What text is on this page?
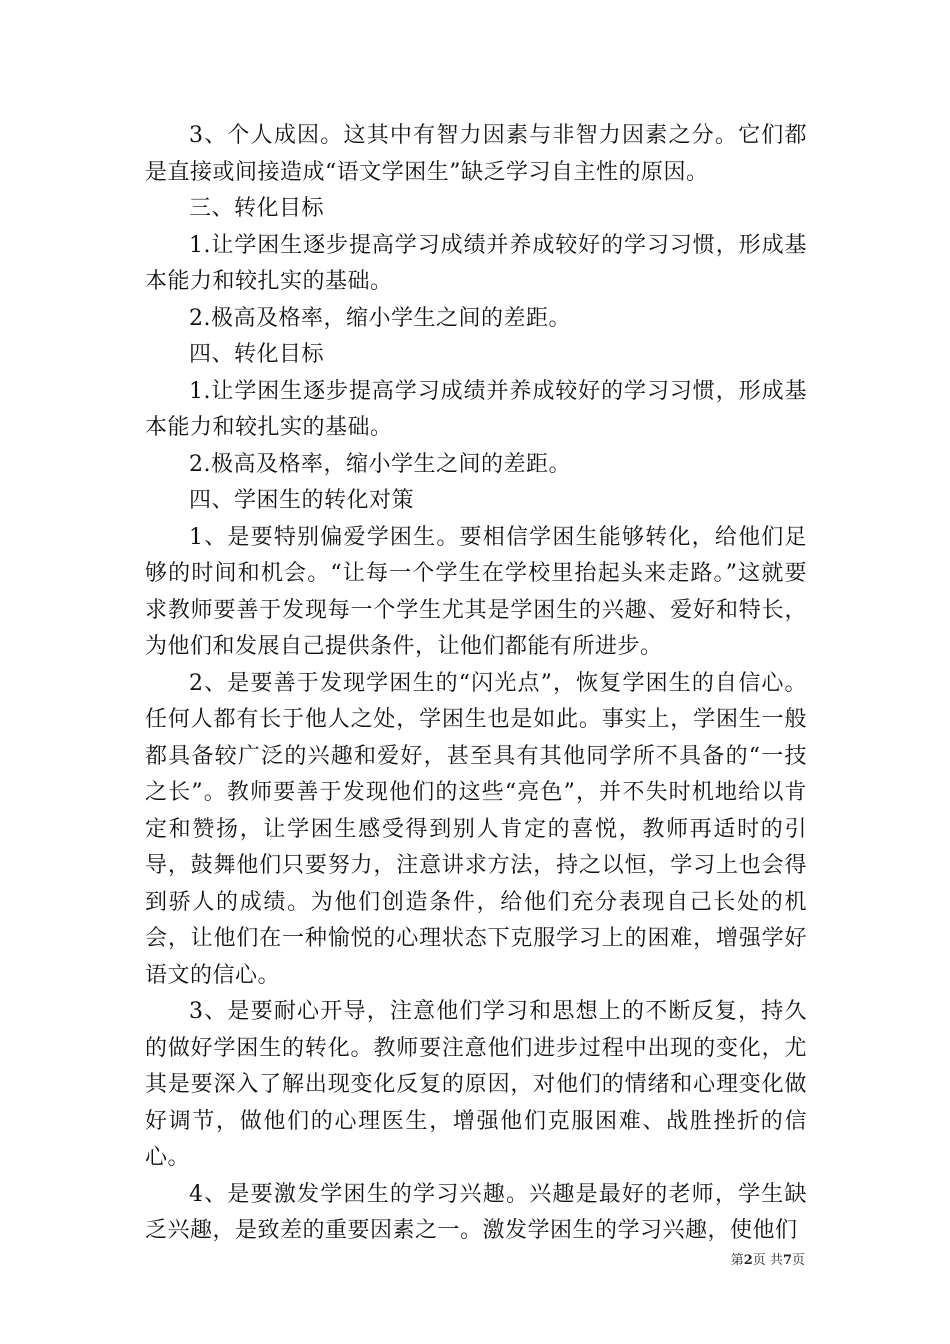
3、个人成因。这其中有智力因素与非智力因素之分。它们都是直接或间接造成“语文学困生”缺乏学习自主性的原因。

三、转化目标

1.让学困生逐步提高学习成绩并养成较好的学习习惯，形成基本能力和较扎实的基础。

2.极高及格率，缩小学生之间的差距。

四、转化目标

1.让学困生逐步提高学习成绩并养成较好的学习习惯，形成基本能力和较扎实的基础。

2.极高及格率，缩小学生之间的差距。

四、学困生的转化对策

1、是要特别偏爱学困生。要相信学困生能够转化，给他们足够的时间和机会。“让每一个学生在学校里抬起头来走路。”这就要求教师要善于发现每一个学生尤其是学困生的兴趣、爱好和特长，为他们和发展自己提供条件，让他们都能有所进步。

2、是要善于发现学困生的“闪光点”，恢复学困生的自信心。任何人都有长于他人之处，学困生也是如此。事实上，学困生一般都具备较广泛的兴趣和爱好，甚至具有其他同学所不具备的“一技之长”。教师要善于发现他们的这些“亮色”，并不失时机地给以肯定和赞扬，让学困生感受得到别人肯定的喜悦，教师再适时的引导，鼓舞他们只要努力，注意讲求方法，持之以恒，学习上也会得到骄人的成绩。为他们创造条件，给他们充分表现自己长处的机会，让他们在一种愉悦的心理状态下克服学习上的困难，增强学好语文的信心。

3、是要耐心开导，注意他们学习和思想上的不断反复，持久的做好学困生的转化。教师要注意他们进步过程中出现的变化，尤其是要深入了解出现变化反复的原因，对他们的情绪和心理变化做好调节，做他们的心理医生，增强他们克服困难、战胜挫折的信心。

4、是要激发学困生的学习兴趣。兴趣是最好的老师，学生缺乏兴趣，是致差的重要因素之一。激发学困生的学习兴趣，使他们

第2页 共7页
